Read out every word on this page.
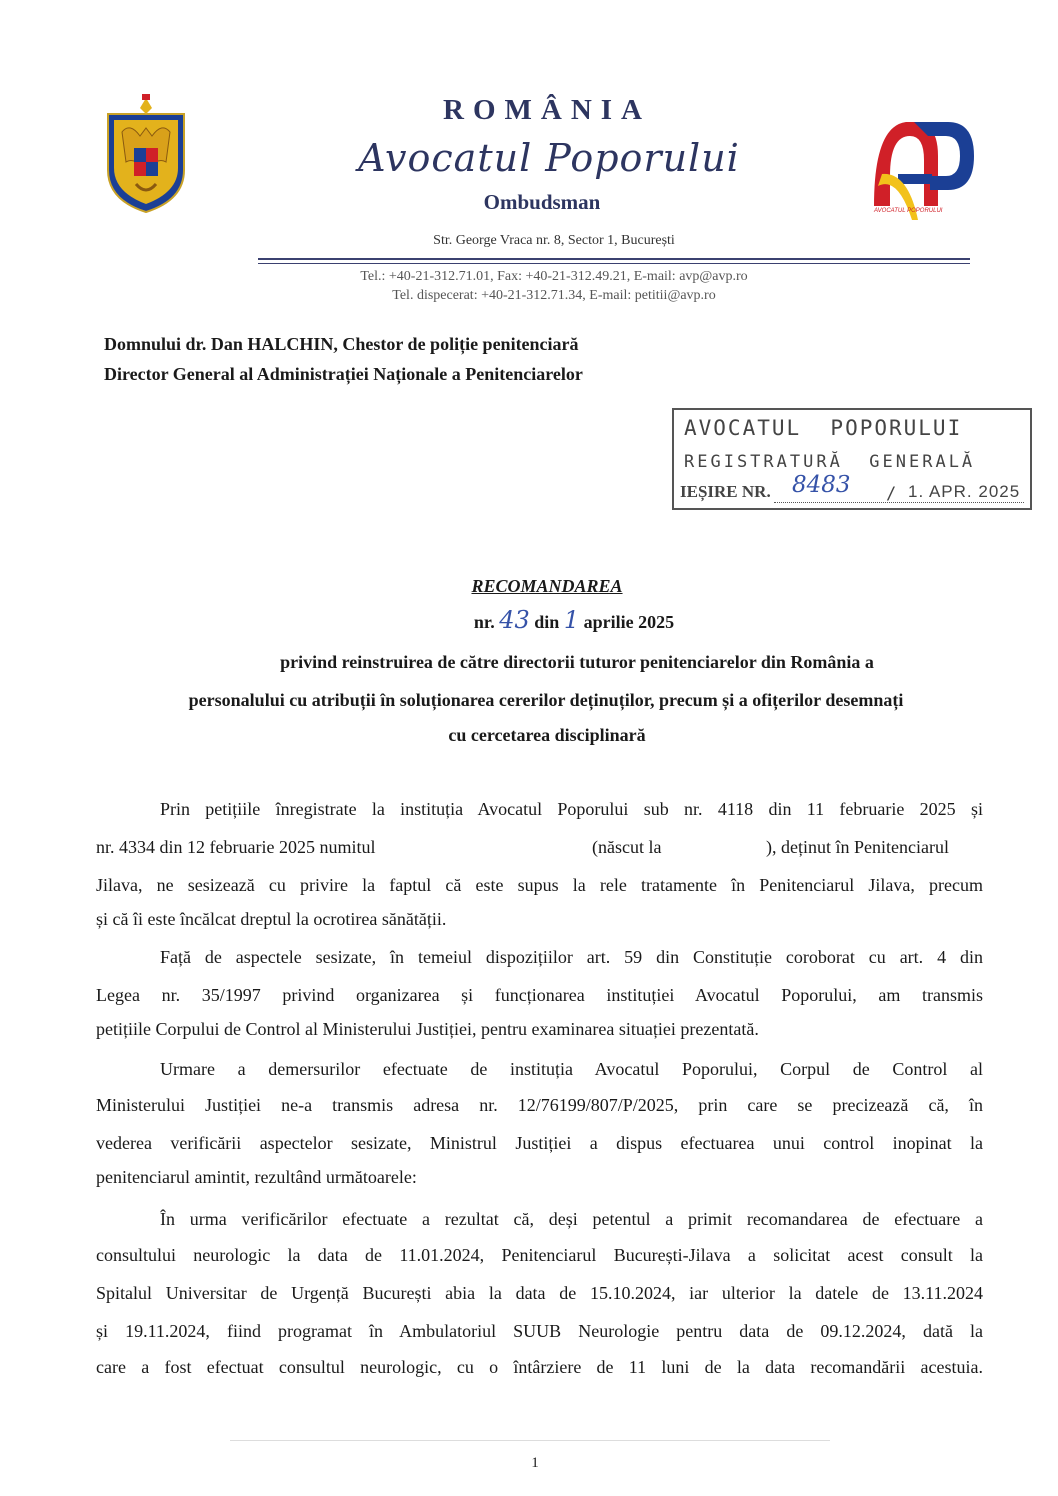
ROMÂNIA
Avocatul Poporului
Ombudsman	AVOCATUL POPORULUI
Str. George Vraca nr. 8, Sector 1, București
Tel.: +40-21-312.71.01, Fax: +40-21-312.49.21, E-mail: avp@avp.ro
Tel. dispecerat: +40-21-312.71.34, E-mail: petitii@avp.ro
Domnului dr. Dan HALCHIN, Chestor de poliție penitenciară
Director General al Administrației Naționale a Penitenciarelor
AVOCATUL  POPORULUI
REGISTRATURĂ  GENERALĂ
IEȘIRE NR. 8483 / 1. APR. 2025
RECOMANDAREA
nr. 43 din 1 aprilie 2025
privind reinstruirea de către directorii tuturor penitenciarelor din România a
personalului cu atribuții în soluționarea cererilor deținuților, precum și a ofițerilor desemnați
cu cercetarea disciplinară
Prin petițiile înregistrate la instituția Avocatul Poporului sub nr. 4118 din 11 februarie 2025 și
nr. 4334 din 12 februarie 2025 numitul	(născut la	), deținut în Penitenciarul
Jilava, ne sesizează cu privire la faptul că este supus la rele tratamente în Penitenciarul Jilava, precum
și că îi este încălcat dreptul la ocrotirea sănătății.
Față de aspectele sesizate, în temeiul dispozițiilor art. 59 din Constituție coroborat cu art. 4 din
Legea nr. 35/1997 privind organizarea și funcționarea instituției Avocatul Poporului, am transmis
petițiile Corpului de Control al Ministerului Justiției, pentru examinarea situației prezentată.
Urmare a demersurilor efectuate de instituția Avocatul Poporului, Corpul de Control al
Ministerului Justiției ne-a transmis adresa nr. 12/76199/807/P/2025, prin care se precizează că, în
vederea verificării aspectelor sesizate, Ministrul Justiției a dispus efectuarea unui control inopinat la
penitenciarul amintit, rezultând următoarele:
În urma verificărilor efectuate a rezultat că, deși petentul a primit recomandarea de efectuare a
consultului neurologic la data de 11.01.2024, Penitenciarul București-Jilava a solicitat acest consult la
Spitalul Universitar de Urgență București abia la data de 15.10.2024, iar ulterior la datele de 13.11.2024
și 19.11.2024, fiind programat în Ambulatoriul SUUB Neurologie pentru data de 09.12.2024, dată la
care a fost efectuat consultul neurologic, cu o întârziere de 11 luni de la data recomandării acestuia.
1
